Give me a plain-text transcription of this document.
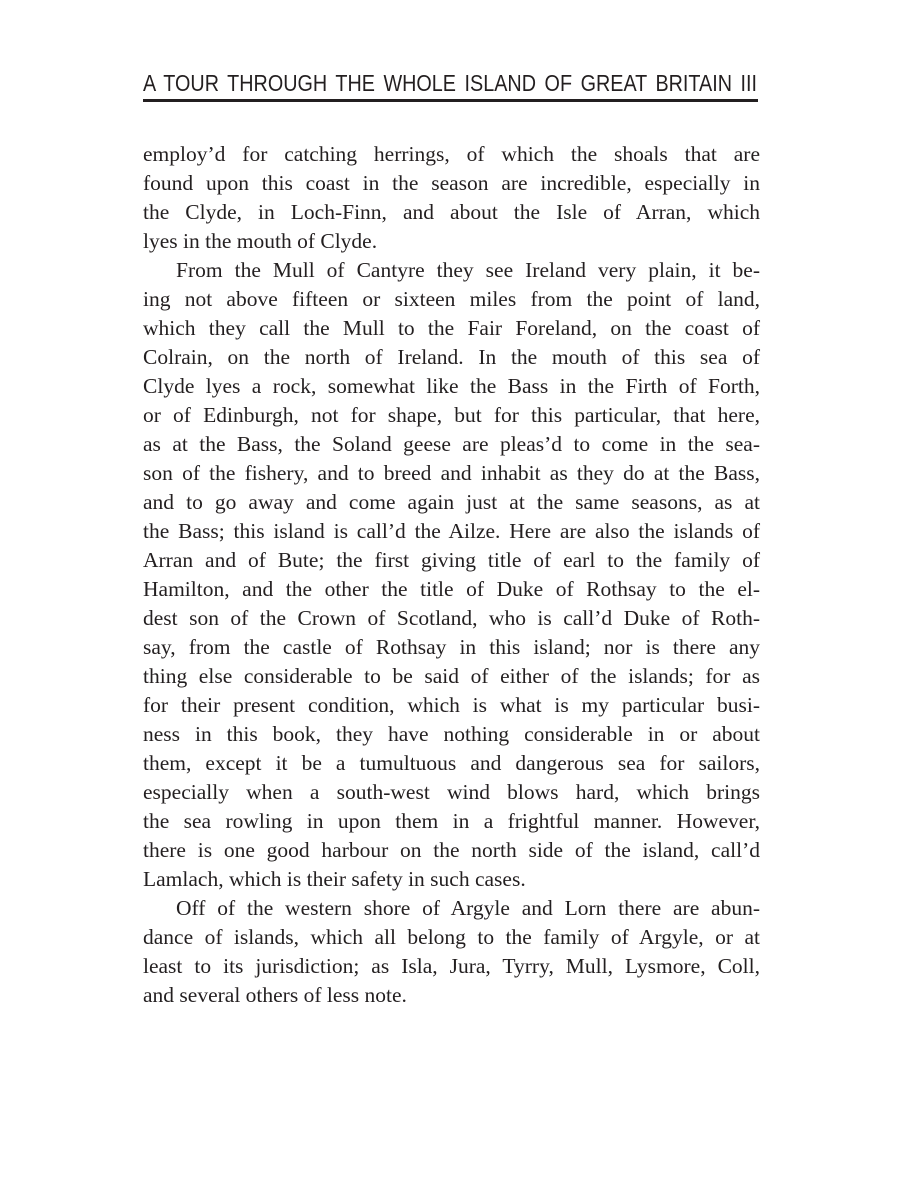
A TOUR THROUGH THE WHOLE ISLAND OF GREAT BRITAIN III
employ’d for catching herrings, of which the shoals that are
found upon this coast in the season are incredible, especially in
the Clyde, in Loch-Finn, and about the Isle of Arran, which
lyes in the mouth of Clyde.
From the Mull of Cantyre they see Ireland very plain, it be-
ing not above fifteen or sixteen miles from the point of land,
which they call the Mull to the Fair Foreland, on the coast of
Colrain, on the north of Ireland. In the mouth of this sea of
Clyde lyes a rock, somewhat like the Bass in the Firth of Forth,
or of Edinburgh, not for shape, but for this particular, that here,
as at the Bass, the Soland geese are pleas’d to come in the sea-
son of the fishery, and to breed and inhabit as they do at the Bass,
and to go away and come again just at the same seasons, as at
the Bass; this island is call’d the Ailze. Here are also the islands of
Arran and of Bute; the first giving title of earl to the family of
Hamilton, and the other the title of Duke of Rothsay to the el-
dest son of the Crown of Scotland, who is call’d Duke of Roth-
say, from the castle of Rothsay in this island; nor is there any
thing else considerable to be said of either of the islands; for as
for their present condition, which is what is my particular busi-
ness in this book, they have nothing considerable in or about
them, except it be a tumultuous and dangerous sea for sailors,
especially when a south-west wind blows hard, which brings
the sea rowling in upon them in a frightful manner. However,
there is one good harbour on the north side of the island, call’d
Lamlach, which is their safety in such cases.
Off of the western shore of Argyle and Lorn there are abun-
dance of islands, which all belong to the family of Argyle, or at
least to its jurisdiction; as Isla, Jura, Tyrry, Mull, Lysmore, Coll,
and several others of less note.
